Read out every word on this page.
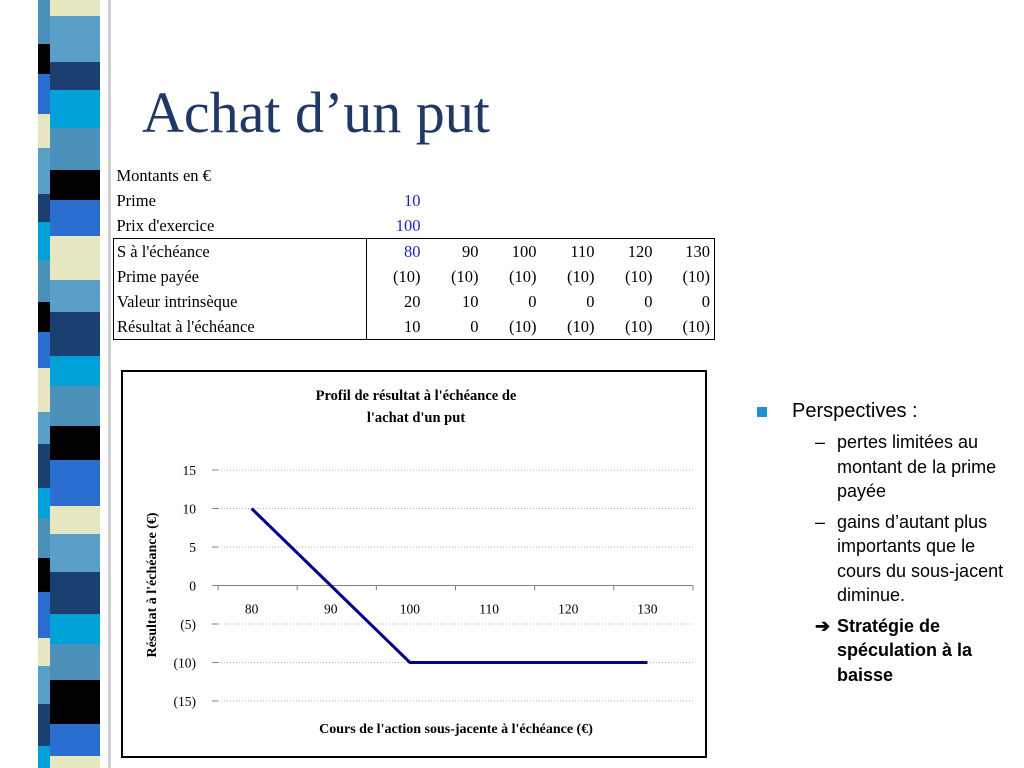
Achat d’un put
Montants en €						
Prime	10					
Prix d'exercice	100					
S à l'échéance	80	90	100	110	120	130
Prime payée	(10)	(10)	(10)	(10)	(10)	(10)
Valeur intrinsèque	20	10	0	0	0	0
Résultat à l'échéance	10	0	(10)	(10)	(10)	(10)
Profil de résultat à l'échéance de
l'achat d'un put
Cours de l'action sous-jacente à l'échéance (€)
Résultat à l'échéance (€)
15
10
5
0
(5)
(10)
(15)
80	90	100	110	120	130
Perspectives :
– pertes limitées au montant de la prime payée
– gains d’autant plus importants que le cours du sous-jacent diminue.
➔ Stratégie de spéculation à la baisse
